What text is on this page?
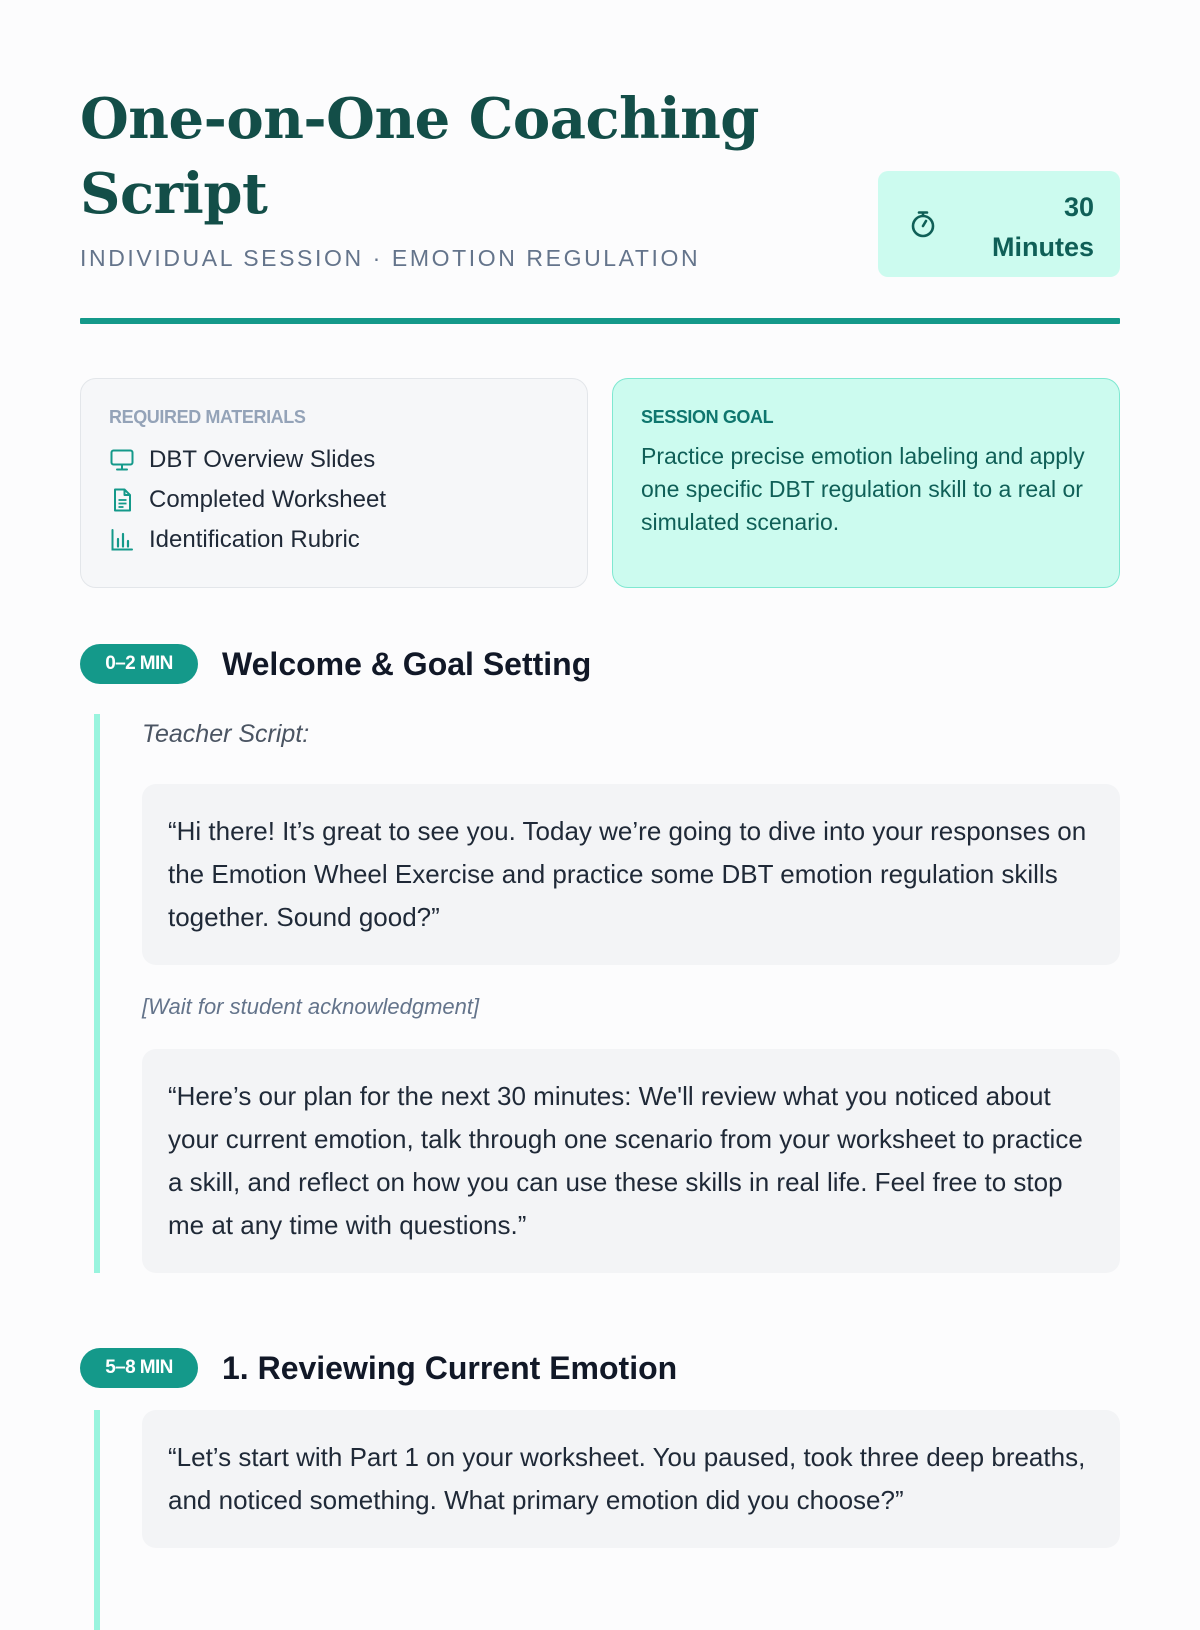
One-on-One Coaching Script
INDIVIDUAL SESSION · EMOTION REGULATION
30
Minutes
REQUIRED MATERIALS
DBT Overview Slides
Completed Worksheet
Identification Rubric
SESSION GOAL

Practice precise emotion labeling and apply one specific DBT regulation skill to a real or simulated scenario.

0–2 MIN	Welcome & Goal Setting

Teacher Script:

“Hi there! It’s great to see you. Today we’re going to dive into your responses on the Emotion Wheel Exercise and practice some DBT emotion regulation skills together. Sound good?”

[Wait for student acknowledgment]

“Here’s our plan for the next 30 minutes: We'll review what you noticed about your current emotion, talk through one scenario from your worksheet to practice a skill, and reflect on how you can use these skills in real life. Feel free to stop me at any time with questions.”

5–8 MIN	1. Reviewing Current Emotion

“Let’s start with Part 1 on your worksheet. You paused, took three deep breaths, and noticed something. What primary emotion did you choose?”
